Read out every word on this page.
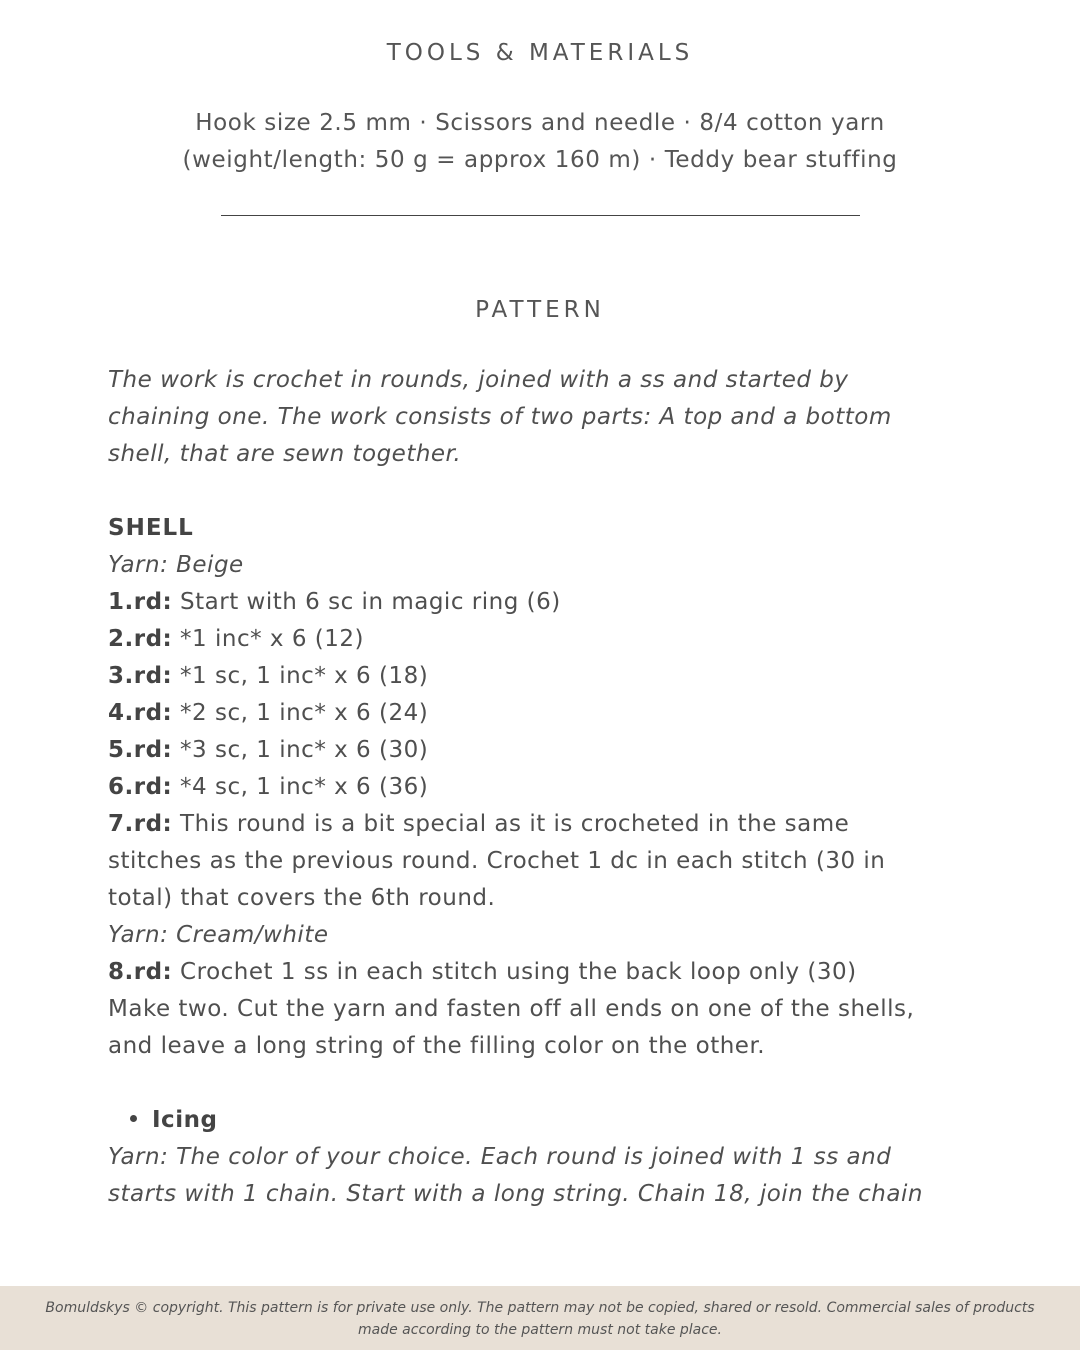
TOOLS & MATERIALS
Hook size 2.5 mm · Scissors and needle · 8/4 cotton yarn
(weight/length: 50 g = approx 160 m) · Teddy bear stuffing
PATTERN
The work is crochet in rounds, joined with a ss and started by
chaining one. The work consists of two parts: A top and a bottom
shell, that are sewn together.
SHELL
Yarn: Beige
1.rd: Start with 6 sc in magic ring (6)
2.rd: *1 inc* x 6 (12)
3.rd: *1 sc, 1 inc* x 6 (18)
4.rd: *2 sc, 1 inc* x 6 (24)
5.rd: *3 sc, 1 inc* x 6 (30)
6.rd: *4 sc, 1 inc* x 6 (36)
7.rd: This round is a bit special as it is crocheted in the same
stitches as the previous round. Crochet 1 dc in each stitch (30 in
total) that covers the 6th round.
Yarn: Cream/white
8.rd: Crochet 1 ss in each stitch using the back loop only (30)
Make two. Cut the yarn and fasten off all ends on one of the shells,
and leave a long string of the filling color on the other.
Icing
Yarn: The color of your choice. Each round is joined with 1 ss and
starts with 1 chain. Start with a long string. Chain 18, join the chain
Bomuldskys © copyright. This pattern is for private use only. The pattern may not be copied, shared or resold. Commercial sales of products
made according to the pattern must not take place.
